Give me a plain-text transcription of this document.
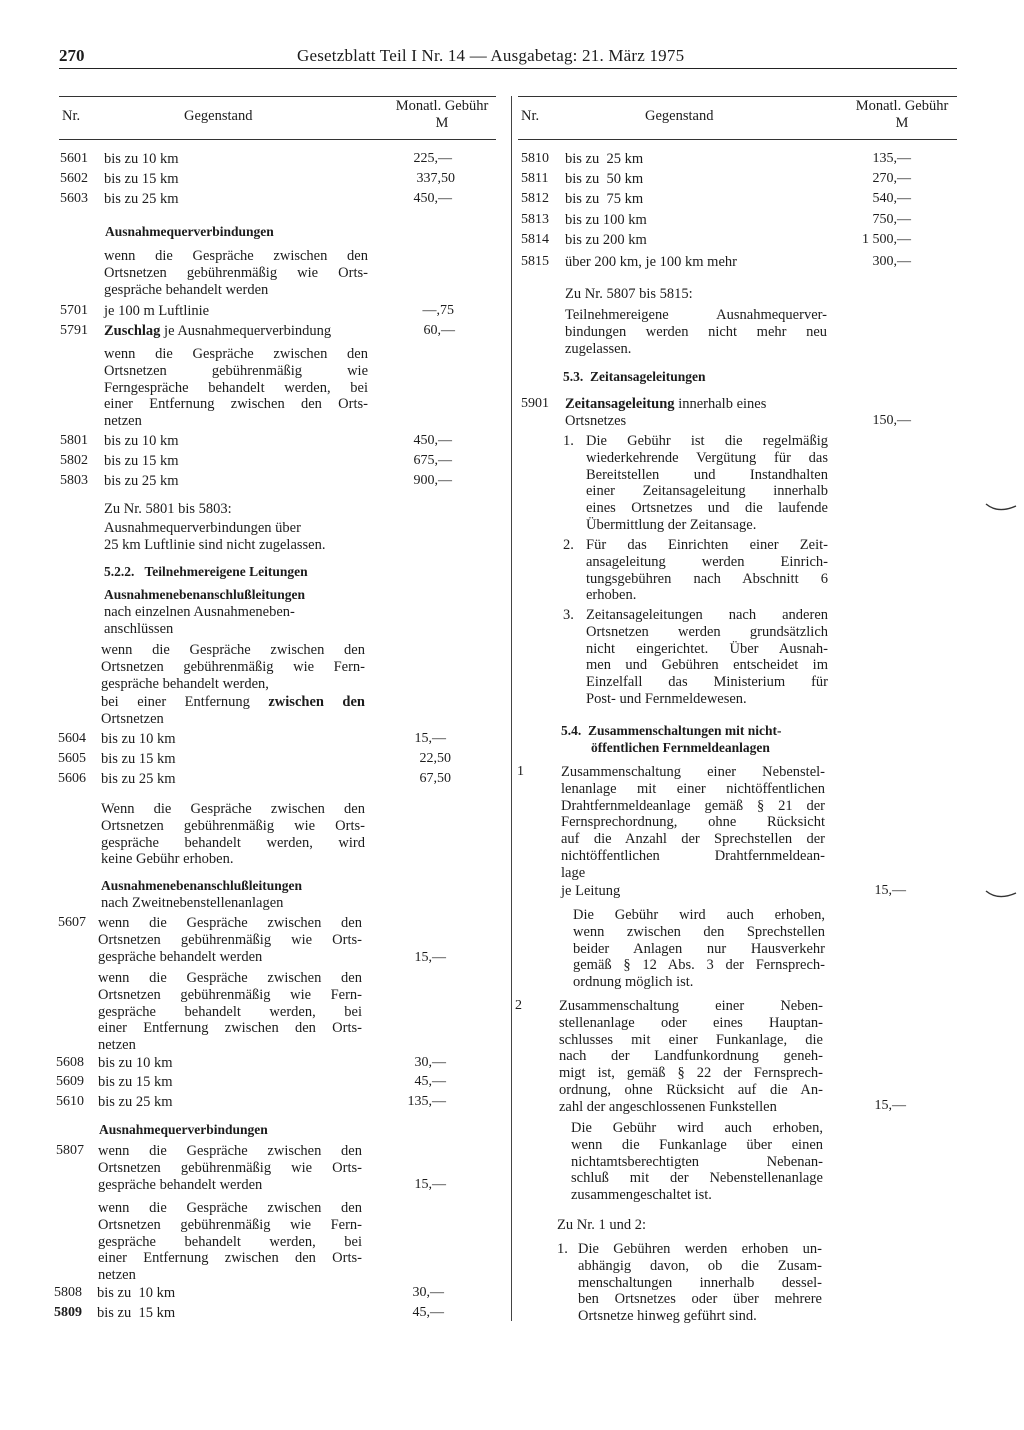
270	Gesetzblatt Teil I Nr. 14 — Ausgabetag: 21. März 1975
Nr.	Gegenstand
Monatl. Gebühr
M	Nr.	Gegenstand
Monatl. Gebühr
M
5601 bis zu 10 km	225,—
5602 bis zu 15 km	337,50
5603 bis zu 25 km	450,—
Ausnahmequerverbindungen
wenn die Gespräche zwischen den
Ortsnetzen gebührenmäßig wie Orts-
gespräche behandelt werden
5701 je 100 m Luftlinie	—,75
5791 Zuschlag je Ausnahmequerverbindung	60,—
wenn die Gespräche zwischen den
Ortsnetzen gebührenmäßig wie
Ferngespräche behandelt werden, bei
einer Entfernung zwischen den Orts-
netzen
5801 bis zu 10 km	450,—
5802 bis zu 15 km	675,—
5803 bis zu 25 km	900,—
Zu Nr. 5801 bis 5803:
Ausnahmequerverbindungen über
25 km Luftlinie sind nicht zugelassen.
5.2.2. Teilnehmereigene Leitungen
Ausnahmenebenanschlußleitungen
nach einzelnen Ausnahmeneben-
anschlüssen
wenn die Gespräche zwischen den
Ortsnetzen gebührenmäßig wie Fern-
gespräche behandelt werden,
bei einer Entfernung zwischen den
Ortsnetzen
5604 bis zu 10 km	15,—
5605 bis zu 15 km	22,50
5606 bis zu 25 km	67,50
Wenn die Gespräche zwischen den
Ortsnetzen gebührenmäßig wie Orts-
gespräche behandelt werden, wird
keine Gebühr erhoben.
Ausnahmenebenanschlußleitungen
nach Zweitnebenstellenanlagen
5607 wenn die Gespräche zwischen den
Ortsnetzen gebührenmäßig wie Orts-
gespräche behandelt werden	15,—
wenn die Gespräche zwischen den
Ortsnetzen gebührenmäßig wie Fern-
gespräche behandelt werden, bei
einer Entfernung zwischen den Orts-
netzen
5608 bis zu 10 km	30,—
5609 bis zu 15 km	45,—
5610 bis zu 25 km	135,—
Ausnahmequerverbindungen
5807 wenn die Gespräche zwischen den
Ortsnetzen gebührenmäßig wie Orts-
gespräche behandelt werden	15,—
wenn die Gespräche zwischen den
Ortsnetzen gebührenmäßig wie Fern-
gespräche behandelt werden, bei
einer Entfernung zwischen den Orts-
netzen
5808 bis zu  10 km	30,—
5809 bis zu  15 km	45,—
5810 bis zu  25 km	135,—
5811 bis zu  50 km	270,—
5812 bis zu  75 km	540,—
5813 bis zu 100 km	750,—
5814 bis zu 200 km	1 500,—
5815 über 200 km, je 100 km mehr	300,—
Zu Nr. 5807 bis 5815:
Teilnehmereigene Ausnahmequerver-
bindungen werden nicht mehr neu
zugelassen.
5.3. Zeitansageleitungen
5901 Zeitansageleitung innerhalb eines
Ortsnetzes	150,—
1. Die Gebühr ist die regelmäßig
wiederkehrende Vergütung für das
Bereitstellen und Instandhalten
einer Zeitansageleitung innerhalb
eines Ortsnetzes und die laufende
Übermittlung der Zeitansage.
2. Für das Einrichten einer Zeit-
ansageleitung werden Einrich-
tungsgebühren nach Abschnitt 6
erhoben.
3. Zeitansageleitungen nach anderen
Ortsnetzen werden grundsätzlich
nicht eingerichtet. Über Ausnah-
men und Gebühren entscheidet im
Einzelfall das Ministerium für
Post- und Fernmeldewesen.
5.4. Zusammenschaltungen mit nicht-
öffentlichen Fernmeldeanlagen
1	Zusammenschaltung einer Nebenstel-
lenanlage mit einer nichtöffentlichen
Drahtfernmeldeanlage gemäß § 21 der
Fernsprechordnung, ohne Rücksicht
auf die Anzahl der Sprechstellen der
nichtöffentlichen Drahtfernmeldean-
lage
je Leitung	15,—
Die Gebühr wird auch erhoben,
wenn zwischen den Sprechstellen
beider Anlagen nur Hausverkehr
gemäß § 12 Abs. 3 der Fernsprech-
ordnung möglich ist.
2	Zusammenschaltung einer Neben-
stellenanlage oder eines Hauptan-
schlusses mit einer Funkanlage, die
nach der Landfunkordnung geneh-
migt ist, gemäß § 22 der Fernsprech-
ordnung, ohne Rücksicht auf die An-
zahl der angeschlossenen Funkstellen	15,—
Die Gebühr wird auch erhoben,
wenn die Funkanlage über einen
nichtamtsberechtigten Nebenan-
schluß mit der Nebenstellenanlage
zusammengeschaltet ist.
Zu Nr. 1 und 2:
1. Die Gebühren werden erhoben un-
abhängig davon, ob die Zusam-
menschaltungen innerhalb dessel-
ben Ortsnetzes oder über mehrere
Ortsnetze hinweg geführt sind.
